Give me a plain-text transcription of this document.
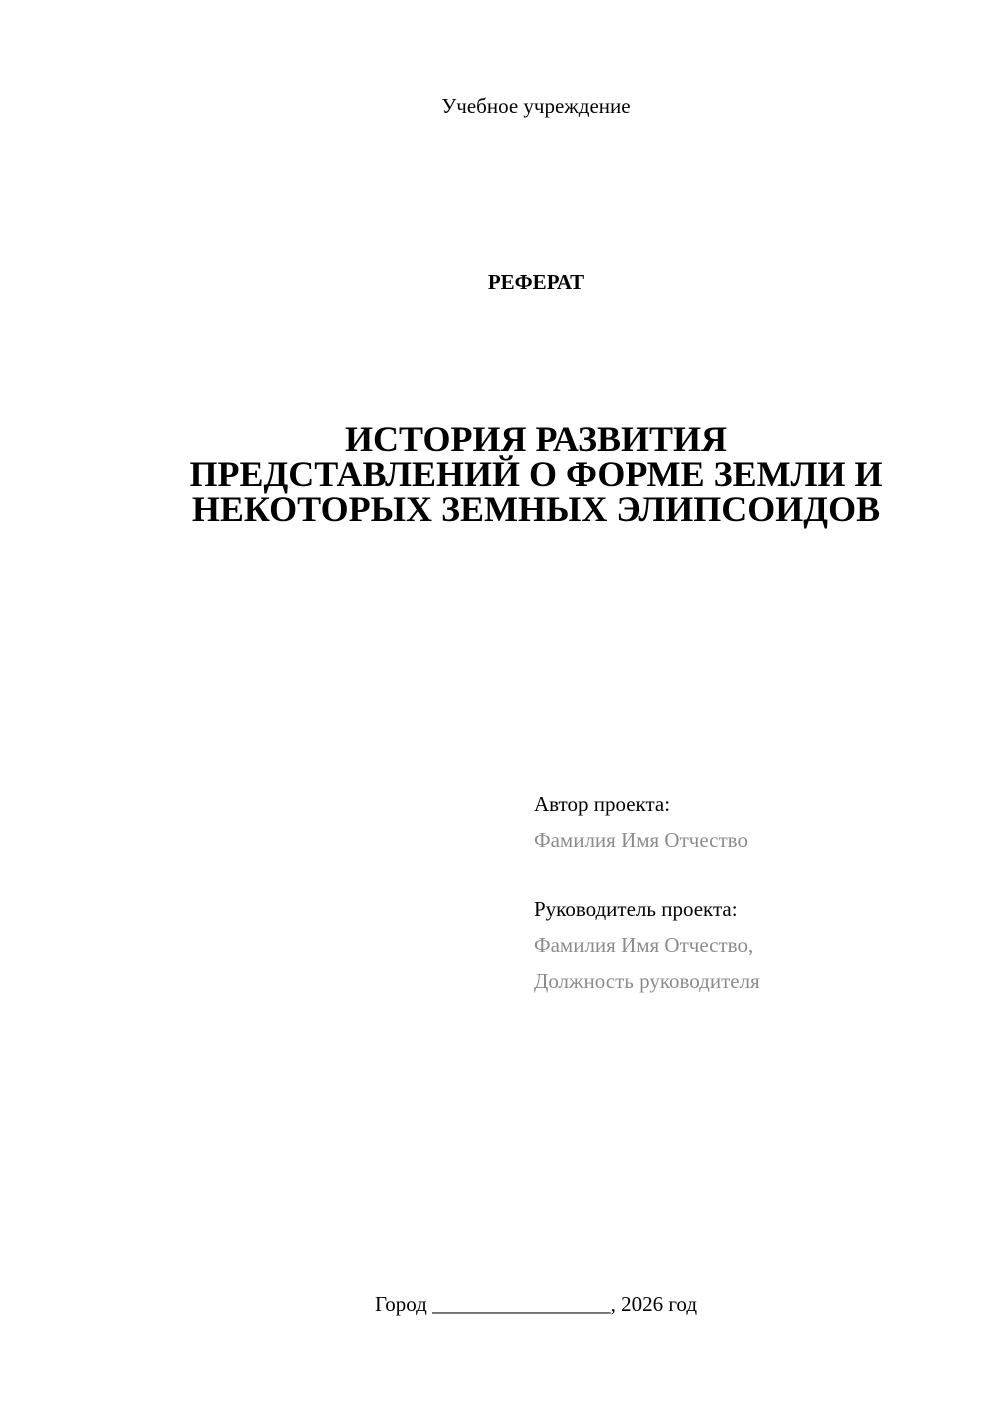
Учебное учреждение
РЕФЕРАТ
ИСТОРИЯ РАЗВИТИЯ
ПРЕДСТАВЛЕНИЙ О ФОРМЕ ЗЕМЛИ И
НЕКОТОРЫХ ЗЕМНЫХ ЭЛИПСОИДОВ
Автор проекта:
Фамилия Имя Отчество
Руководитель проекта:
Фамилия Имя Отчество,
Должность руководителя
Город _________________, 2026 год
